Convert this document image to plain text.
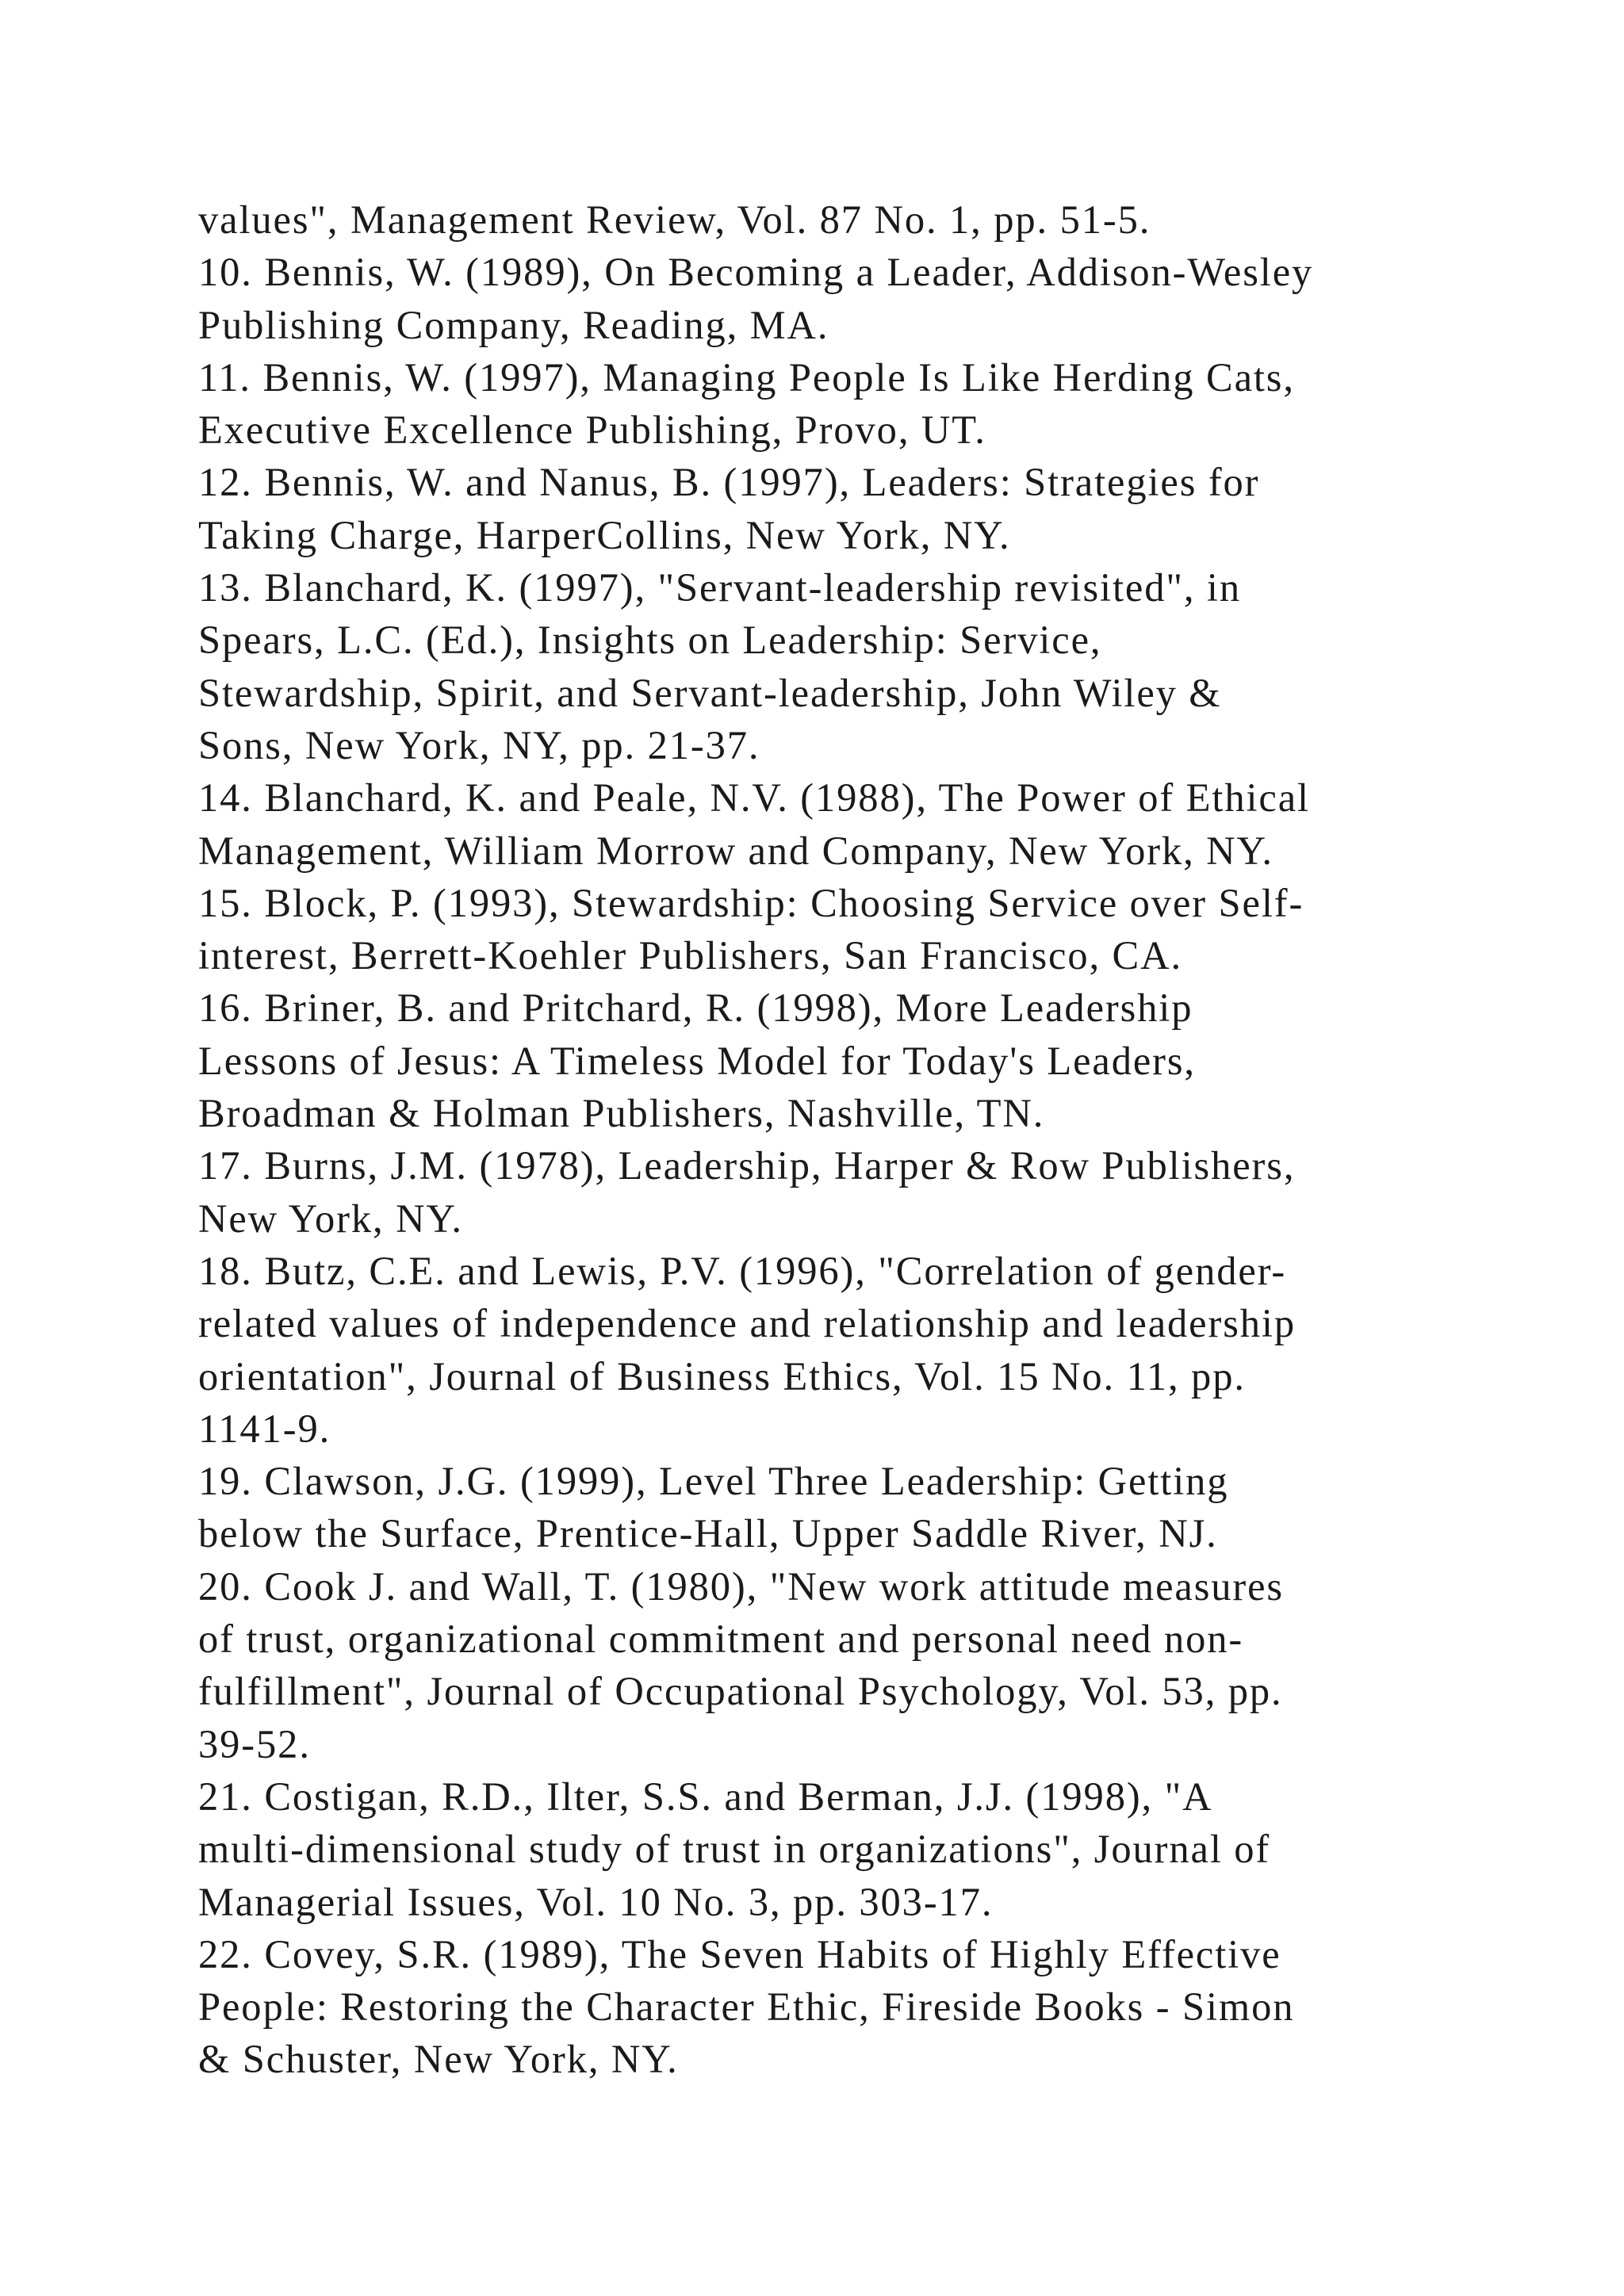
values", Management Review, Vol. 87 No. 1, pp. 51-5.
10. Bennis, W. (1989), On Becoming a Leader, Addison-Wesley
Publishing Company, Reading, MA.
11. Bennis, W. (1997), Managing People Is Like Herding Cats,
Executive Excellence Publishing, Provo, UT.
12. Bennis, W. and Nanus, B. (1997), Leaders: Strategies for
Taking Charge, HarperCollins, New York, NY.
13. Blanchard, K. (1997), "Servant-leadership revisited", in
Spears, L.C. (Ed.), Insights on Leadership: Service,
Stewardship, Spirit, and Servant-leadership, John Wiley &
Sons, New York, NY, pp. 21-37.
14. Blanchard, K. and Peale, N.V. (1988), The Power of Ethical
Management, William Morrow and Company, New York, NY.
15. Block, P. (1993), Stewardship: Choosing Service over Self-
interest, Berrett-Koehler Publishers, San Francisco, CA.
16. Briner, B. and Pritchard, R. (1998), More Leadership
Lessons of Jesus: A Timeless Model for Today's Leaders,
Broadman & Holman Publishers, Nashville, TN.
17. Burns, J.M. (1978), Leadership, Harper & Row Publishers,
New York, NY.
18. Butz, C.E. and Lewis, P.V. (1996), "Correlation of gender-
related values of independence and relationship and leadership
orientation", Journal of Business Ethics, Vol. 15 No. 11, pp.
1141-9.
19. Clawson, J.G. (1999), Level Three Leadership: Getting
below the Surface, Prentice-Hall, Upper Saddle River, NJ.
20. Cook J. and Wall, T. (1980), "New work attitude measures
of trust, organizational commitment and personal need non-
fulfillment", Journal of Occupational Psychology, Vol. 53, pp.
39-52.
21. Costigan, R.D., Ilter, S.S. and Berman, J.J. (1998), "A
multi-dimensional study of trust in organizations", Journal of
Managerial Issues, Vol. 10 No. 3, pp. 303-17.
22. Covey, S.R. (1989), The Seven Habits of Highly Effective
People: Restoring the Character Ethic, Fireside Books - Simon
& Schuster, New York, NY.
